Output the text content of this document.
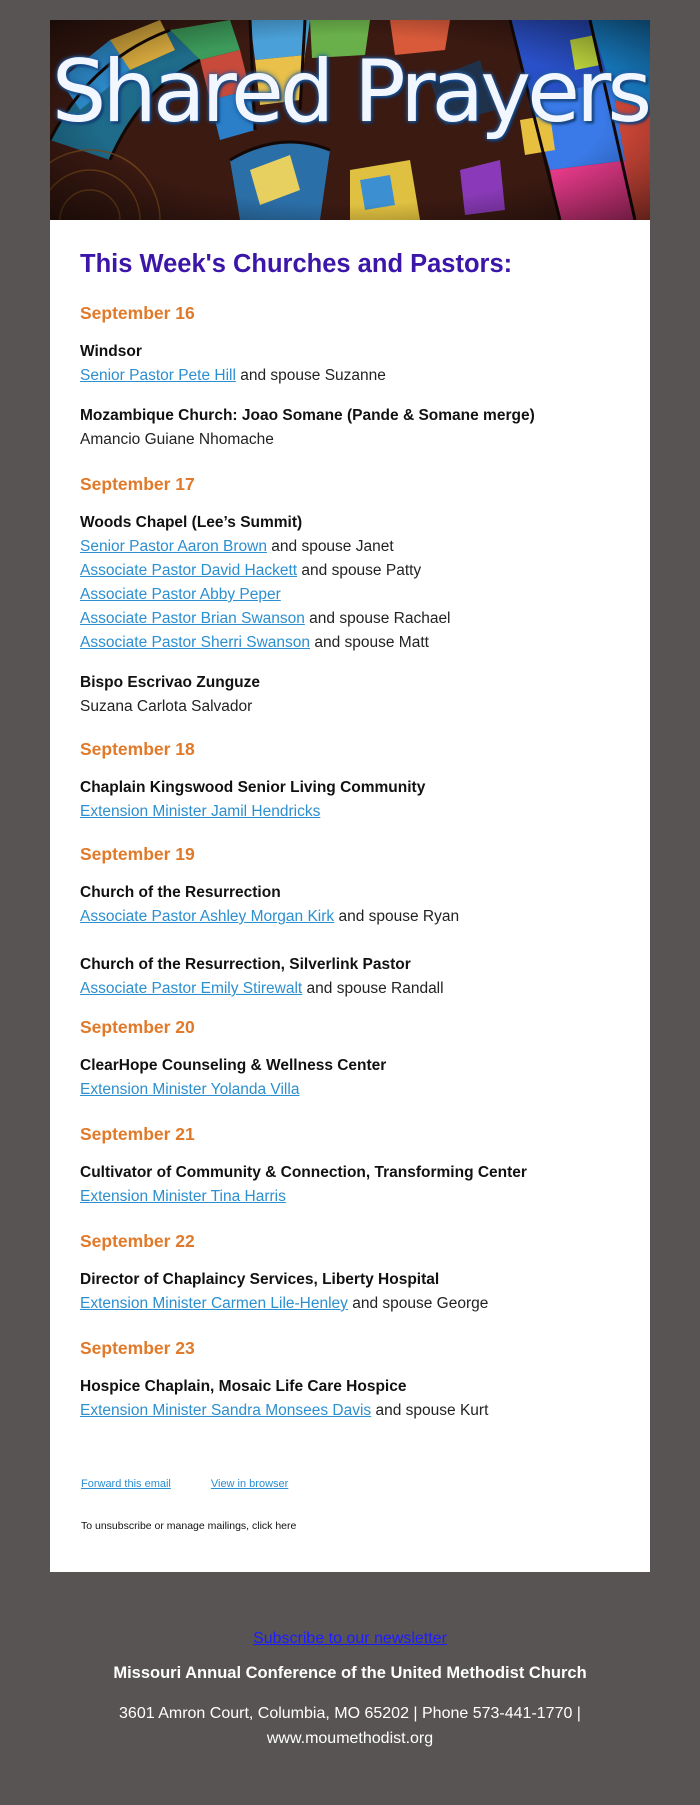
Shared Prayers
This Week's Churches and Pastors:
September 16
Windsor
Senior Pastor Pete Hill and spouse Suzanne
Mozambique Church: Joao Somane (Pande & Somane merge)
Amancio Guiane Nhomache
September 17
Woods Chapel (Lee’s Summit)
Senior Pastor Aaron Brown and spouse Janet
Associate Pastor David Hackett and spouse Patty
Associate Pastor Abby Peper
Associate Pastor Brian Swanson and spouse Rachael
Associate Pastor Sherri Swanson and spouse Matt
Bispo Escrivao Zunguze
Suzana Carlota Salvador
September 18
Chaplain Kingswood Senior Living Community
Extension Minister Jamil Hendricks
September 19
Church of the Resurrection
Associate Pastor Ashley Morgan Kirk and spouse Ryan
Church of the Resurrection, Silverlink Pastor
Associate Pastor Emily Stirewalt and spouse Randall
September 20
ClearHope Counseling & Wellness Center
Extension Minister Yolanda Villa
September 21
Cultivator of Community & Connection, Transforming Center
Extension Minister Tina Harris
September 22
Director of Chaplaincy Services, Liberty Hospital
Extension Minister Carmen Lile-Henley and spouse George
September 23
Hospice Chaplain, Mosaic Life Care Hospice
Extension Minister Sandra Monsees Davis and spouse Kurt
Forward this email	View in browser
To unsubscribe or manage mailings, click here
Subscribe to our newsletter
Missouri Annual Conference of the United Methodist Church
3601 Amron Court, Columbia, MO 65202 | Phone 573-441-1770 | www.moumethodist.org
